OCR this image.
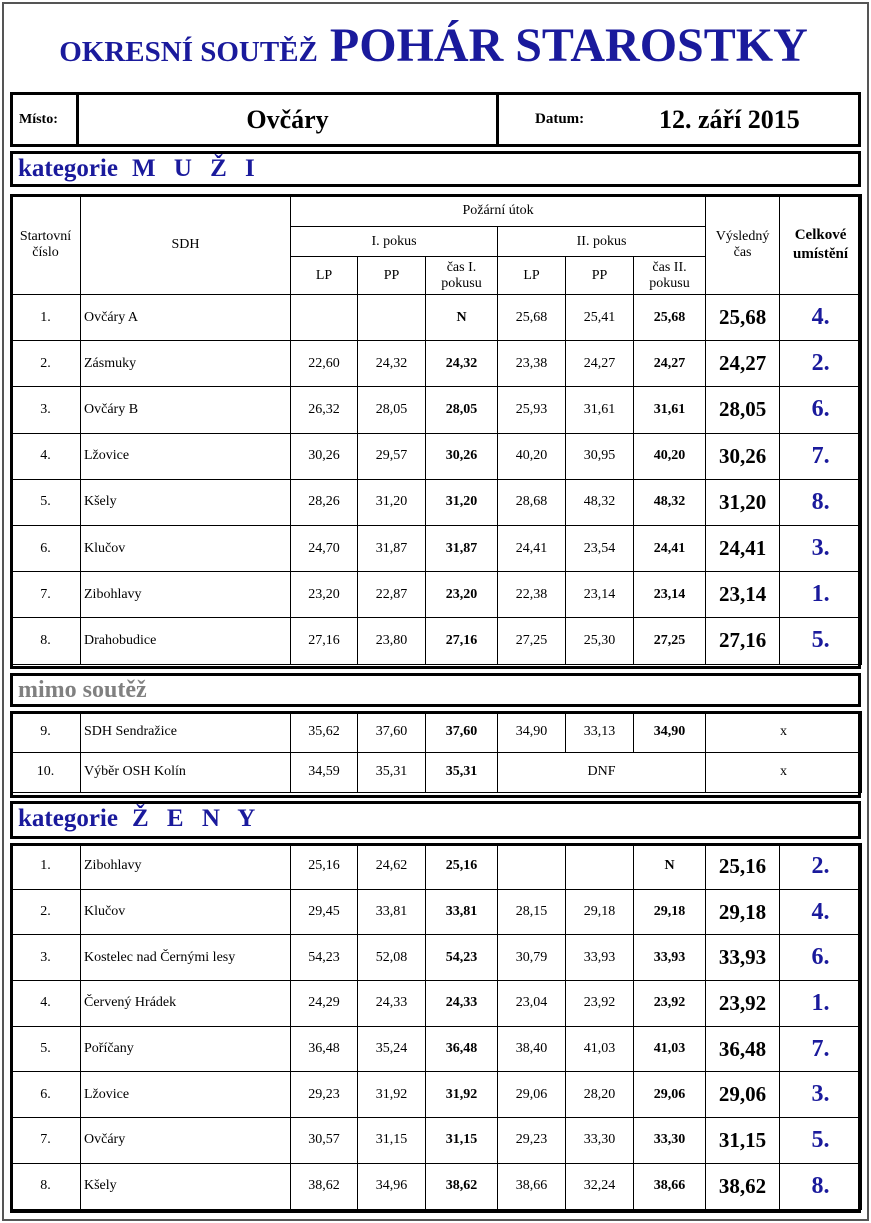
OKRESNÍ SOUTĚŽ POHÁR STAROSTKY
Místo:	Ovčáry	Datum:	12. září 2015
kategorie M U Ž I
Startovní číslo	SDH	Požární útok						Výsledný čas	Celkové umístění
		I. pokus			II. pokus				
		LP	PP	čas I. pokusu	LP	PP	čas II. pokusu		
1.	Ovčáry A			N	25,68	25,41	25,68	25,68	4.
2.	Zásmuky	22,60	24,32	24,32	23,38	24,27	24,27	24,27	2.
3.	Ovčáry B	26,32	28,05	28,05	25,93	31,61	31,61	28,05	6.
4.	Lžovice	30,26	29,57	30,26	40,20	30,95	40,20	30,26	7.
5.	Kšely	28,26	31,20	31,20	28,68	48,32	48,32	31,20	8.
6.	Klučov	24,70	31,87	31,87	24,41	23,54	24,41	24,41	3.
7.	Zibohlavy	23,20	22,87	23,20	22,38	23,14	23,14	23,14	1.
8.	Drahobudice	27,16	23,80	27,16	27,25	25,30	27,25	27,16	5.
mimo soutěž
9.	SDH Sendražice	35,62	37,60	37,60	34,90	33,13	34,90	x
10.	Výběr OSH Kolín	34,59	35,31	35,31	DNF			x
kategorie Ž E N Y
1.	Zibohlavy	25,16	24,62	25,16			N	25,16	2.
2.	Klučov	29,45	33,81	33,81	28,15	29,18	29,18	29,18	4.
3.	Kostelec nad Černými lesy	54,23	52,08	54,23	30,79	33,93	33,93	33,93	6.
4.	Červený Hrádek	24,29	24,33	24,33	23,04	23,92	23,92	23,92	1.
5.	Poříčany	36,48	35,24	36,48	38,40	41,03	41,03	36,48	7.
6.	Lžovice	29,23	31,92	31,92	29,06	28,20	29,06	29,06	3.
7.	Ovčáry	30,57	31,15	31,15	29,23	33,30	33,30	31,15	5.
8.	Kšely	38,62	34,96	38,62	38,66	32,24	38,66	38,62	8.
